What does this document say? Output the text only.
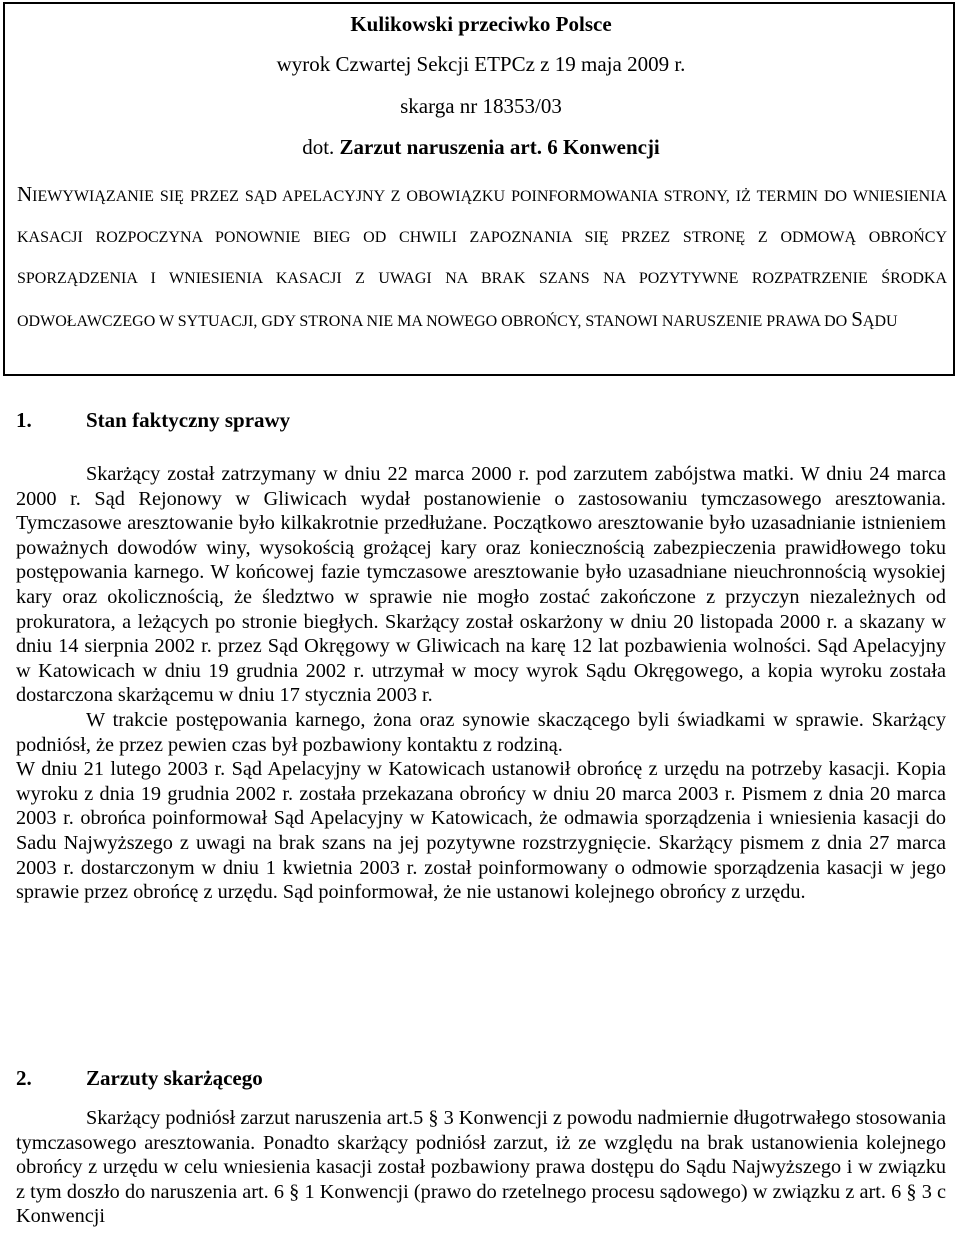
Kulikowski przeciwko Polsce
wyrok Czwartej Sekcji ETPCz z 19 maja 2009 r.
skarga nr 18353/03
dot. Zarzut naruszenia art. 6 Konwencji
NIEWYWIĄZANIE SIĘ PRZEZ SĄD APELACYJNY Z OBOWIĄZKU POINFORMOWANIA STRONY, IŻ TERMIN DO WNIESIENIA KASACJI ROZPOCZYNA PONOWNIE BIEG OD CHWILI ZAPOZNANIA SIĘ PRZEZ STRONĘ Z ODMOWĄ OBROŃCY SPORZĄDZENIA I WNIESIENIA KASACJI Z UWAGI NA BRAK SZANS NA POZYTYWNE ROZPATRZENIE ŚRODKA ODWOŁAWCZEGO W SYTUACJI, GDY STRONA NIE MA NOWEGO OBROŃCY, STANOWI NARUSZENIE PRAWA DO SĄDU
1.	Stan faktyczny sprawy

Skarżący został zatrzymany w dniu 22 marca 2000 r. pod zarzutem zabójstwa matki. W dniu 24 marca 2000 r. Sąd Rejonowy w Gliwicach wydał postanowienie o zastosowaniu tymczasowego aresztowania. Tymczasowe aresztowanie było kilkakrotnie przedłużane. Początkowo aresztowanie było uzasadnianie istnieniem poważnych dowodów winy, wysokością grożącej kary oraz koniecznością zabezpieczenia prawidłowego toku postępowania karnego. W końcowej fazie tymczasowe aresztowanie było uzasadniane nieuchronnością wysokiej kary oraz okolicznością, że śledztwo w sprawie nie mogło zostać zakończone z przyczyn niezależnych od prokuratora, a leżących po stronie biegłych. Skarżący został oskarżony w dniu 20 listopada 2000 r. a skazany w dniu 14 sierpnia 2002 r. przez Sąd Okręgowy w Gliwicach na karę 12 lat pozbawienia wolności. Sąd Apelacyjny w Katowicach w dniu 19 grudnia 2002 r. utrzymał w mocy wyrok Sądu Okręgowego, a kopia wyroku została dostarczona skarżącemu w dniu 17 stycznia 2003 r.

W trakcie postępowania karnego, żona oraz synowie skaczącego byli świadkami w sprawie. Skarżący podniósł, że przez pewien czas był pozbawiony kontaktu z rodziną.

W dniu 21 lutego 2003 r. Sąd Apelacyjny w Katowicach ustanowił obrońcę z urzędu na potrzeby kasacji. Kopia wyroku z dnia 19 grudnia 2002 r. została przekazana obrońcy w dniu 20 marca 2003 r. Pismem z dnia 20 marca 2003 r. obrońca poinformował Sąd Apelacyjny w Katowicach, że odmawia sporządzenia i wniesienia kasacji do Sadu Najwyższego z uwagi na brak szans na jej pozytywne rozstrzygnięcie. Skarżący pismem z dnia 27 marca 2003 r. dostarczonym w dniu 1 kwietnia 2003 r. został poinformowany o odmowie sporządzenia kasacji w jego sprawie przez obrońcę z urzędu. Sąd poinformował, że nie ustanowi kolejnego obrońcy z urzędu.

2.	Zarzuty skarżącego

Skarżący podniósł zarzut naruszenia art.5 § 3 Konwencji z powodu nadmiernie długotrwałego stosowania tymczasowego aresztowania. Ponadto skarżący podniósł zarzut, iż ze względu na brak ustanowienia kolejnego obrońcy z urzędu w celu wniesienia kasacji został pozbawiony prawa dostępu do Sądu Najwyższego i w związku z tym doszło do naruszenia art. 6 § 1 Konwencji (prawo do rzetelnego procesu sądowego) w związku z art. 6 § 3 c Konwencji
